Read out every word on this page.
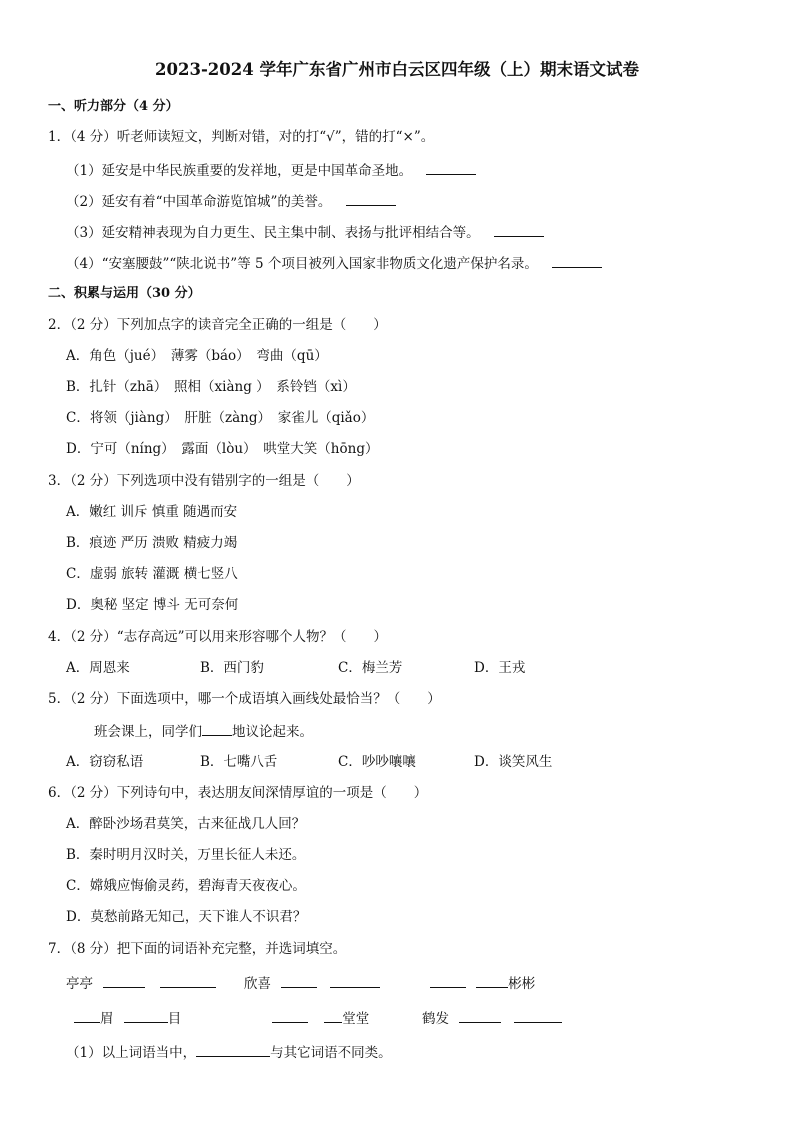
2023-2024 学年广东省广州市白云区四年级（上）期末语文试卷
一、听力部分（4 分）
1．（4 分）听老师读短文，判断对错，对的打“√”，错的打“×”。
（1）延安是中华民族重要的发祥地，更是中国革命圣地。
（2）延安有着“中国革命游览馆城”的美誉。
（3）延安精神表现为自力更生、民主集中制、表扬与批评相结合等。
（4）“安塞腰鼓”“陕北说书”等 5 个项目被列入国家非物质文化遗产保护名录。
二、积累与运用（30 分）
2．（2 分）下列加点字的读音完全正确的一组是（　　）
A．角色（jué）　薄雾（báo）　弯曲（qū）
B．扎针（zhā）　照相（xiàng ）　系铃铛（xì）
C．将领（jiàng）　肝脏（zàng）　家雀儿（qiǎo）
D．宁可（níng）　露面（lòu）　哄堂大笑（hōng）
3．（2 分）下列选项中没有错别字的一组是（　　）
A．嫩红 训斥 慎重 随遇而安
B．痕迹 严历 溃败 精疲力竭
C．虚弱 旅转 灌溉 横七竖八
D．奥秘 坚定 博斗 无可奈何
4．（2 分）“志存高远”可以用来形容哪个人物？（　　）
A．周恩来	B．西门豹	C．梅兰芳	D．王戎
5．（2 分）下面选项中，哪一个成语填入画线处最恰当？（　　）
班会课上，同学们 地议论起来。
A．窃窃私语	B．七嘴八舌	C．吵吵嚷嚷	D．谈笑风生
6．（2 分）下列诗句中，表达朋友间深情厚谊的一项是（　　）
A．醉卧沙场君莫笑，古来征战几人回？
B．秦时明月汉时关，万里长征人未还。
C．嫦娥应悔偷灵药，碧海青天夜夜心。
D．莫愁前路无知己，天下谁人不识君？
7．（8 分）把下面的词语补充完整，并选词填空。
亭亭	欣喜	彬彬
眉	目	堂堂	鹤发
（1）以上词语当中，	与其它词语不同类。
